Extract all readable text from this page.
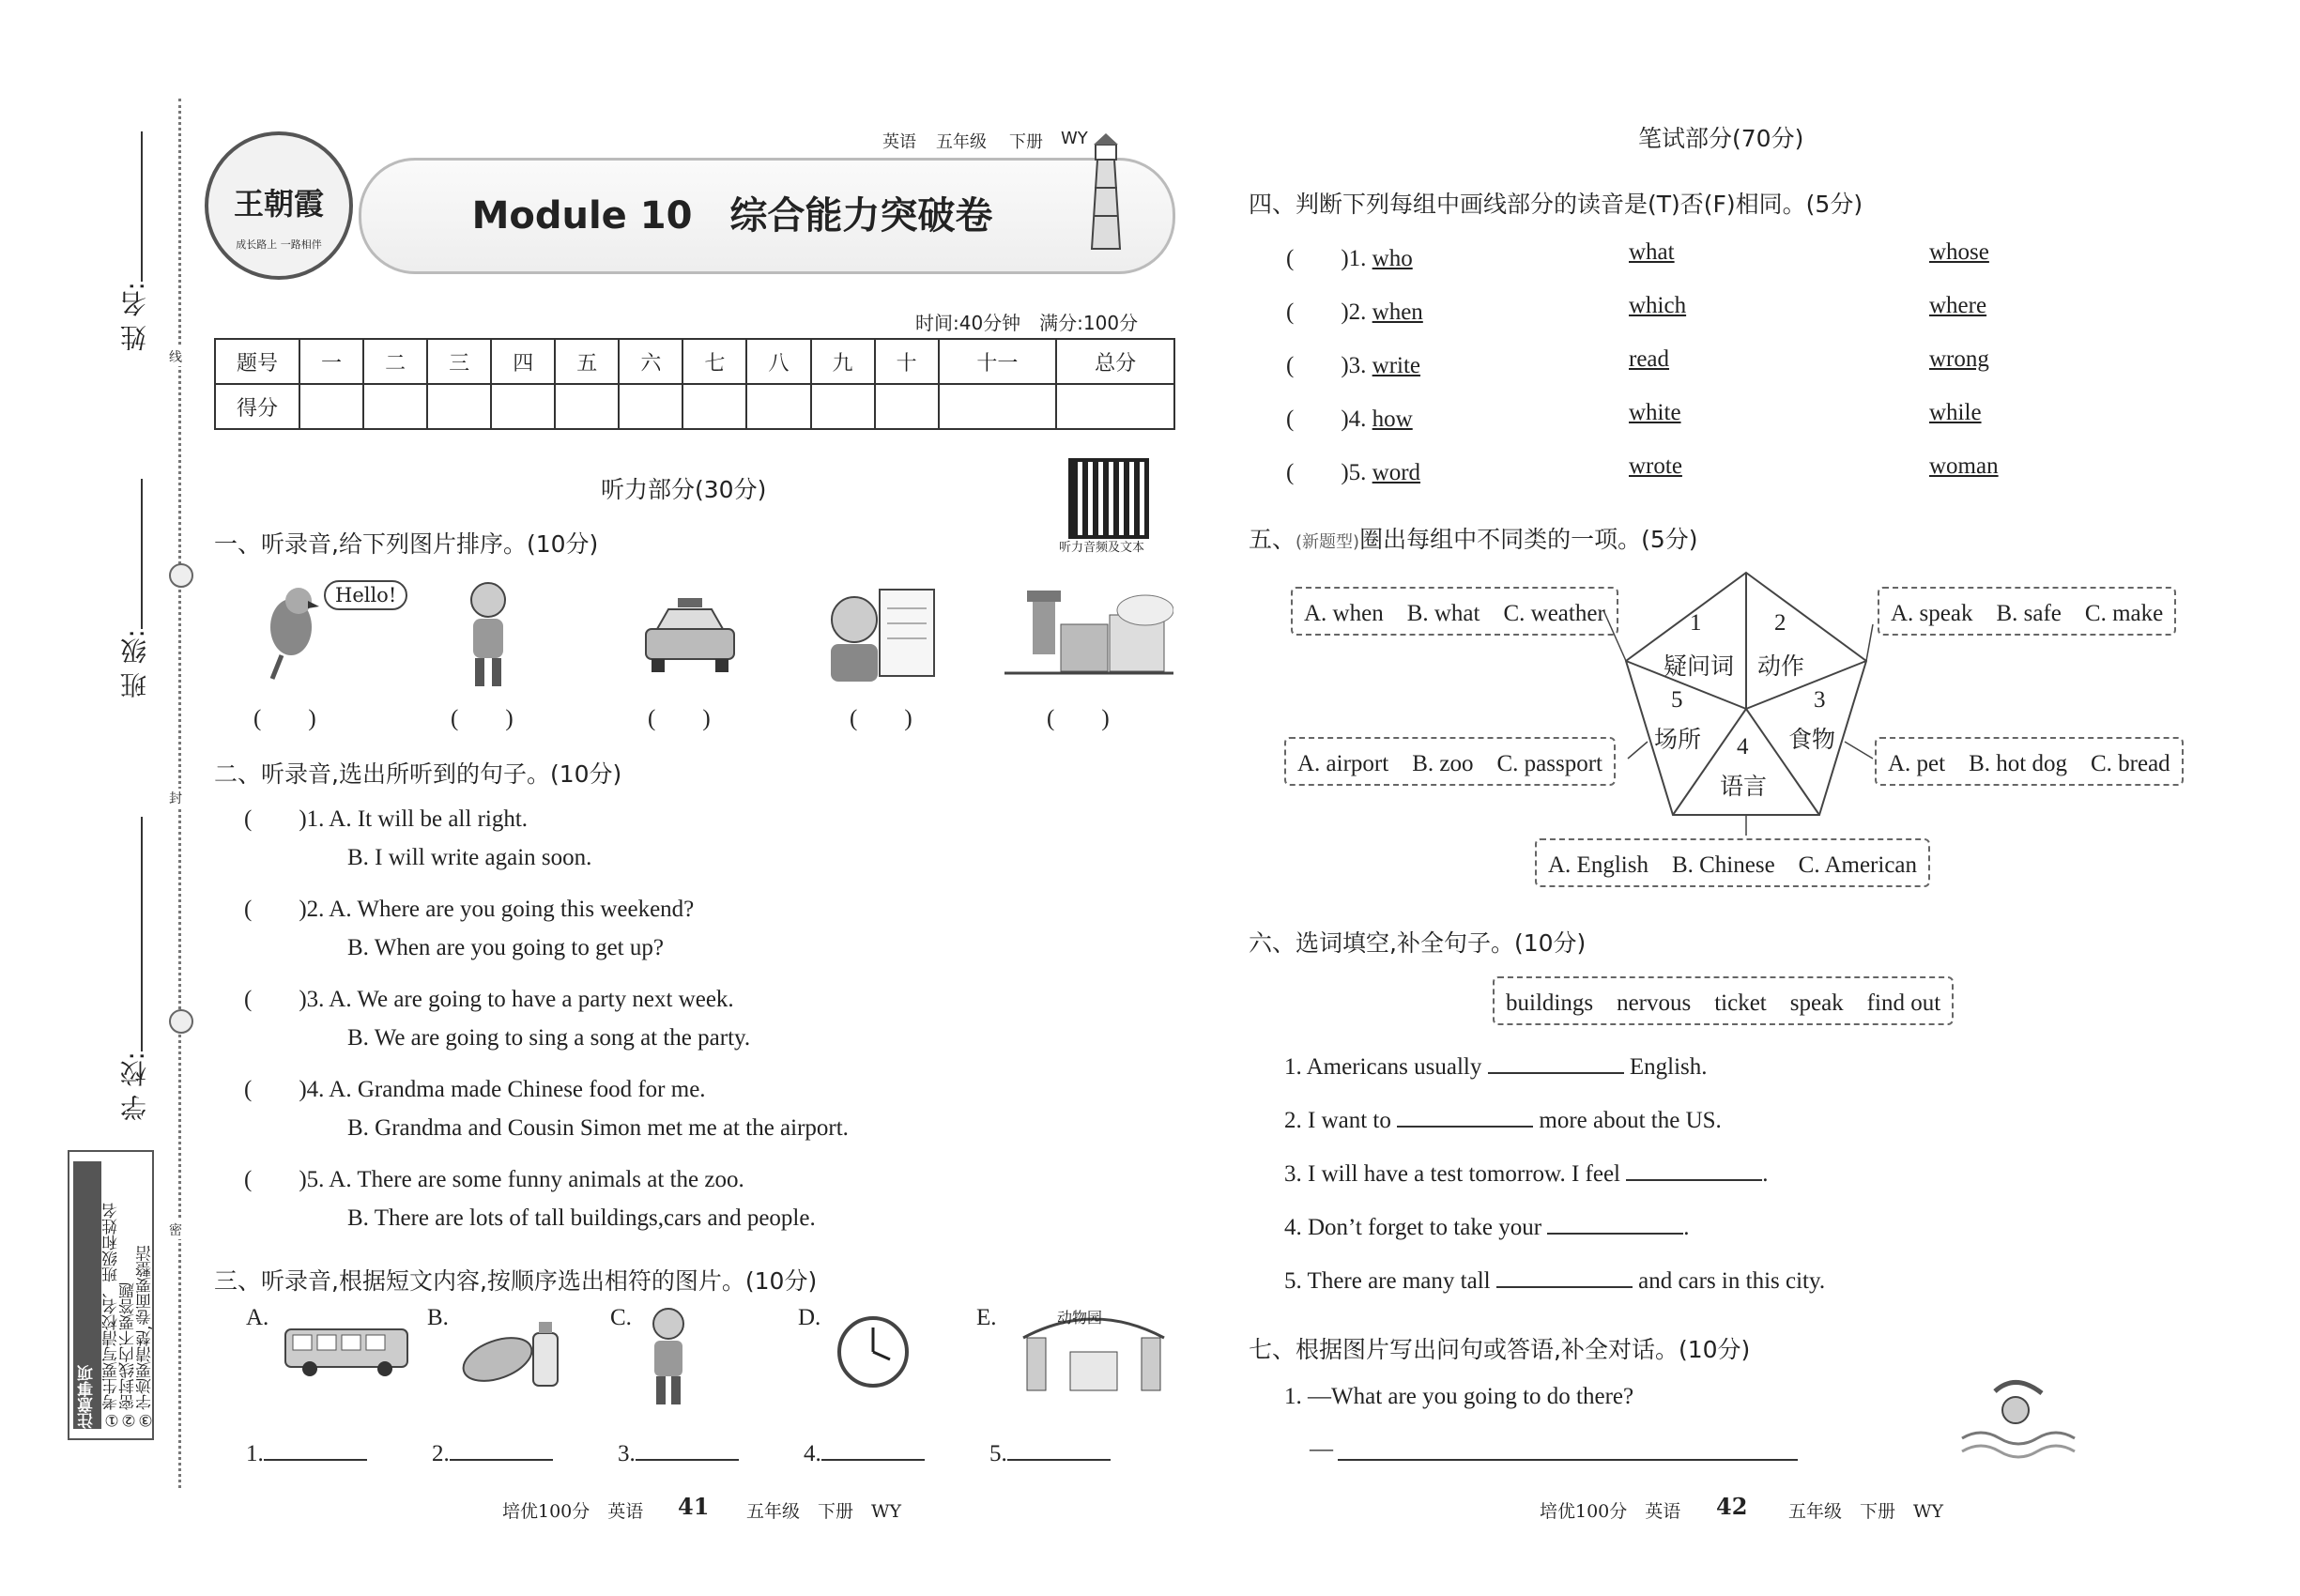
线
封
密
姓 名:
班 级:
学 校:
注意事项 ①考生要写清校名、班级和姓名
②密封线内不要答题
③字迹要清楚,卷面要整洁
王朝霞
成长路上 一路相伴
英语 五年级 下册 WY
Module 10　综合能力突破卷
时间:40分钟　满分:100分
题号	一	二	三	四	五	六	七	八	九	十	十一	总分
得分												
听力部分(30分)
听力音频及文本
一、听录音,给下列图片排序。(10分)
Hello!
(　　)	(　　)	(　　)	(　　)	(　　)
二、听录音,选出所听到的句子。(10分)
(　　)1. A. It will be all right.
B. I will write again soon.
(　　)2. A. Where are you going this weekend?
B. When are you going to get up?
(　　)3. A. We are going to have a party next week.
B. We are going to sing a song at the party.
(　　)4. A. Grandma made Chinese food for me.
B. Grandma and Cousin Simon met me at the airport.
(　　)5. A. There are some funny animals at the zoo.
B. There are lots of tall buildings,cars and people.
三、听录音,根据短文内容,按顺序选出相符的图片。(10分)
A.	B.	C.	D.	E.	动物园
1.	2.	3.	4.	5.
培优100分　英语 41 五年级　下册　WY
笔试部分(70分)
四、判断下列每组中画线部分的读音是(T)否(F)相同。(5分)
(　　)1. who	what	whose
(　　)2. when	which	where
(　　)3. write	read	wrong
(　　)4. how	white	while
(　　)5. word	wrote	woman
五、(新题型)圈出每组中不同类的一项。(5分)
1
疑问词
2
动作
3
食物
4
语言
5
场所
A. when　B. what　C. weather	A. speak　B. safe　C. make
A. airport　B. zoo　C. passport	A. pet　B. hot dog　C. bread
A. English　B. Chinese　C. American
六、选词填空,补全句子。(10分)
buildings　nervous　ticket　speak　find out
1. Americans usually	English.
2. I want to	more about the US.
3. I will have a test tomorrow. I feel	.
4. Don’t forget to take your	.
5. There are many tall	and cars in this city.
七、根据图片写出问句或答语,补全对话。(10分)
1. —What are you going to do there?
—
培优100分　英语 42 五年级　下册　WY
